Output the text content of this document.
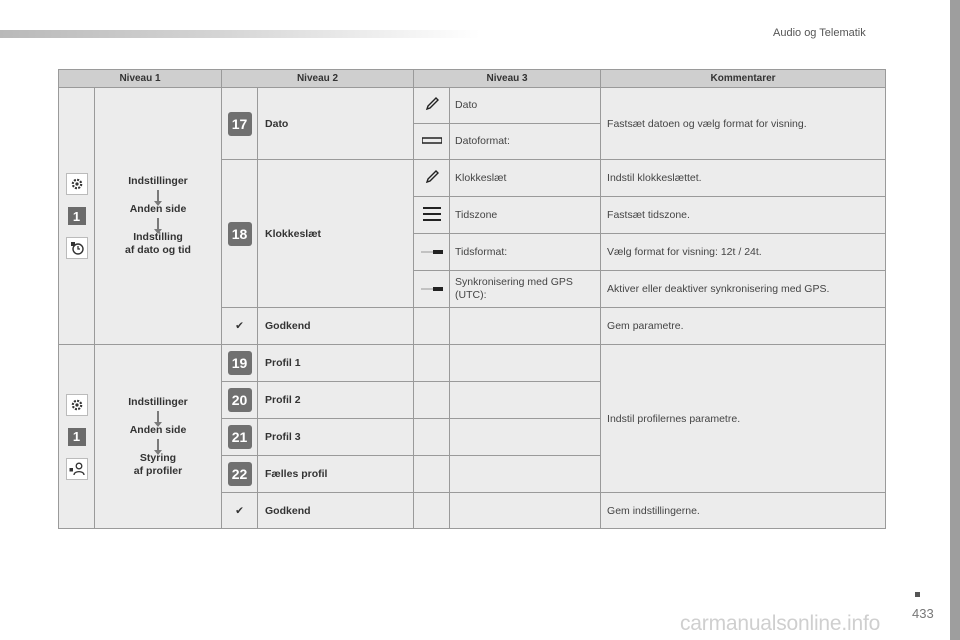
Audio og Telematik
433
carmanualsonline.info
Niveau 1		Niveau 2		Niveau 3		Kommentarer

1	Indstillinger
Anden side
Indstilling
af dato og tid	17	Dato		Dato	Fastsæt datoen og vælg format for visning.
	Datoformat:	
		18	Klokkeslæt		Klokkeslæt	Indstil klokkeslættet.
	Tidszone	Fastsæt tidszone.
	Tidsformat:	Vælg format for visning: 12t / 24t.
	Synkronisering med GPS (UTC):	Aktiver eller deaktiver synkronisering med GPS.
		✔	Godkend			Gem parametre.

1	Indstillinger
Anden side
Styring
af profiler	19	Profil 1			Indstil profilernes parametre.
		20	Profil 2			
		21	Profil 3			
		22	Fælles profil			
		✔	Godkend			Gem indstillingerne.
